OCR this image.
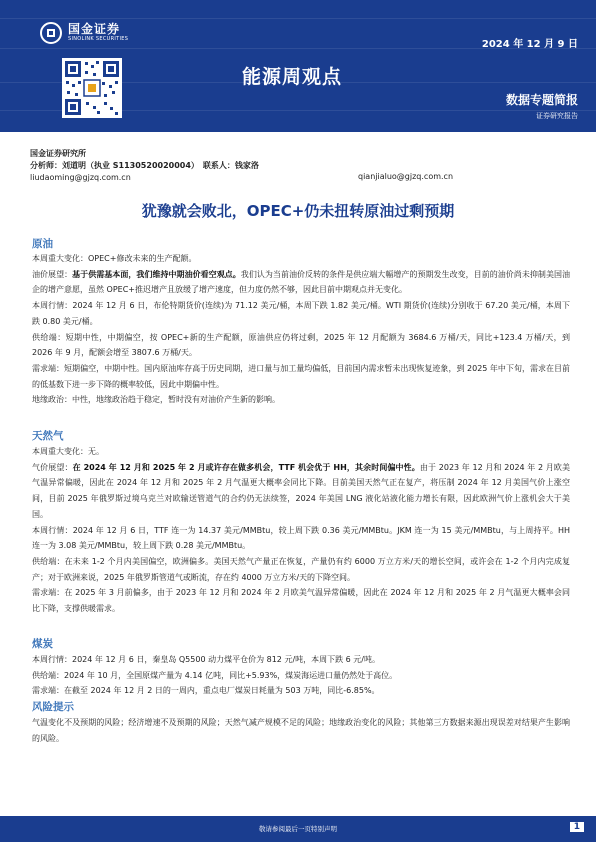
国金证券
SINOLINK SECURITIES	2024 年 12 月 9 日
能源周观点
数据专题简报
证券研究报告
国金证券研究所
分析师： 刘道明（执业 S1130520020004） 联系人： 钱家洛
liudaoming@gjzq.com.cn	qianjialuo@gjzq.com.cn
犹豫就会败北，OPEC+仍未扭转原油过剩预期
原油
本周重大变化：OPEC+修改未来的生产配额。
油价展望：基于供需基本面，我们维持中期油价看空观点。我们认为当前油价反转的条件是供应端大幅增产的预期发生改变，目前的油价尚未抑制美国油企的增产意愿，虽然 OPEC+推迟增产且放缓了增产速度，但力度仍然不够，因此目前中期观点并无变化。
本周行情：2024 年 12 月 6 日，布伦特期货价(连续)为 71.12 美元/桶，本周下跌 1.82 美元/桶。WTI 期货价(连续)分别收于 67.20 美元/桶，本周下跌 0.80 美元/桶。
供给端：短期中性，中期偏空，按 OPEC+新的生产配额，原油供应仍将过剩，2025 年 12 月配额为 3684.6 万桶/天，同比+123.4 万桶/天，到 2026 年 9 月，配额会增至 3807.6 万桶/天。
需求端：短期偏空，中期中性。国内原油库存高于历史同期，进口量与加工量均偏低，目前国内需求暂未出现恢复迹象，到 2025 年中下旬，需求在目前的低基数下进一步下降的概率较低，因此中期偏中性。
地缘政治：中性，地缘政治趋于稳定，暂时没有对油价产生新的影响。
天然气
本周重大变化：无。
气价展望：在 2024 年 12 月和 2025 年 2 月或许存在做多机会，TTF 机会优于 HH，其余时间偏中性。由于 2023 年 12 月和 2024 年 2 月欧美气温异常偏暖，因此在 2024 年 12 月和 2025 年 2 月气温更大概率会同比下降。目前美国天然气正在复产，将压制 2024 年 12 月美国气价上涨空间，目前 2025 年俄罗斯过境乌克兰对欧输送管道气的合约仍无法续签，2024 年美国 LNG 液化站液化能力增长有限，因此欧洲气价上涨机会大于美国。
本周行情：2024 年 12 月 6 日，TTF 连一为 14.37 美元/MMBtu，较上周下跌 0.36 美元/MMBtu。JKM 连一为 15 美元/MMBtu，与上周持平。HH 连一为 3.08 美元/MMBtu，较上周下跌 0.28 美元/MMBtu。
供给端：在未来 1-2 个月内美国偏空，欧洲偏多。美国天然气产量正在恢复，产量仍有约 6000 万立方米/天的增长空间，或许会在 1-2 个月内完成复产；对于欧洲来说，2025 年俄罗斯管道气或断流，存在约 4000 万立方米/天的下降空间。
需求端：在 2025 年 3 月前偏多，由于 2023 年 12 月和 2024 年 2 月欧美气温异常偏暖，因此在 2024 年 12 月和 2025 年 2 月气温更大概率会同比下降，支撑供暖需求。
煤炭
本周行情：2024 年 12 月 6 日，秦皇岛 Q5500 动力煤平仓价为 812 元/吨，本周下跌 6 元/吨。
供给端：2024 年 10 月，全国原煤产量为 4.14 亿吨，同比+5.93%，煤炭海运进口量仍然处于高位。
需求端：在截至 2024 年 12 月 2 日的一周内，重点电厂煤炭日耗量为 503 万吨，同比-6.85%。
风险提示
气温变化不及预期的风险；经济增速不及预期的风险；天然气减产规模不足的风险；地缘政治变化的风险；其他第三方数据来源出现误差对结果产生影响的风险。
敬请参阅最后一页特别声明	1
